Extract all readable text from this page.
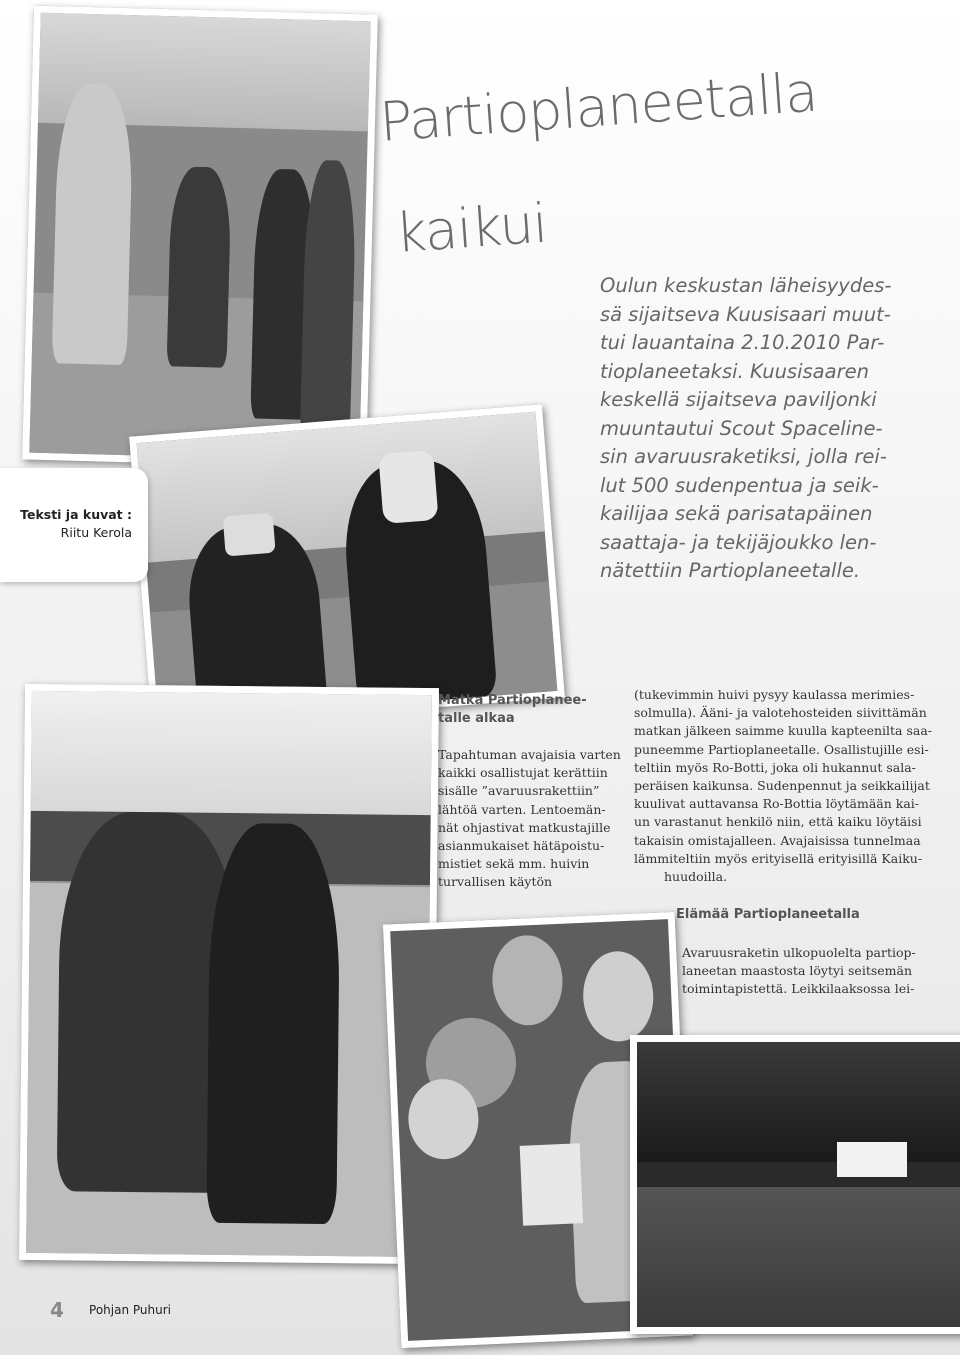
Partioplaneetalla
kaikui
Oulun keskustan läheisyydes-
sä sijaitseva Kuusisaari muut-
tui lauantaina 2.10.2010 Par-
tioplaneetaksi. Kuusisaaren
keskellä sijaitseva paviljonki
muuntautui Scout Spaceline-
sin avaruusraketiksi, jolla rei-
lut 500 sudenpentua ja seik-
kailijaa sekä parisatapäinen
saattaja- ja tekijäjoukko len-
nätettiin Partioplaneetalle.
Teksti ja kuvat :
Riitu Kerola
Matka Partioplanee-
talle alkaa
Tapahtuman avajaisia varten
kaikki osallistujat kerättiin
sisälle ”avaruusrakettiin”
lähtöä varten. Lentoemän-
nät ohjastivat matkustajille
asianmukaiset hätäpoistu-
mistiet sekä mm. huivin
turvallisen käytön
(tukevimmin huivi pysyy kaulassa merimies-
solmulla). Ääni- ja valotehosteiden siivittämän
matkan jälkeen saimme kuulla kapteenilta saa-
puneemme Partioplaneetalle. Osallistujille esi-
teltiin myös Ro-Botti, joka oli hukannut sala-
peräisen kaikunsa. Sudenpennut ja seikkailijat
kuulivat auttavansa Ro-Bottia löytämään kai-
un varastanut henkilö niin, että kaiku löytäisi
takaisin omistajalleen. Avajaisissa tunnelmaa
lämmiteltiin myös erityisellä erityisillä Kaiku-
huudoilla.
Elämää Partioplaneetalla
Avaruusraketin ulkopuolelta partiop-
laneetan maastosta löytyi seitsemän
toimintapistettä. Leikkilaaksossa lei-
4 Pohjan Puhuri
